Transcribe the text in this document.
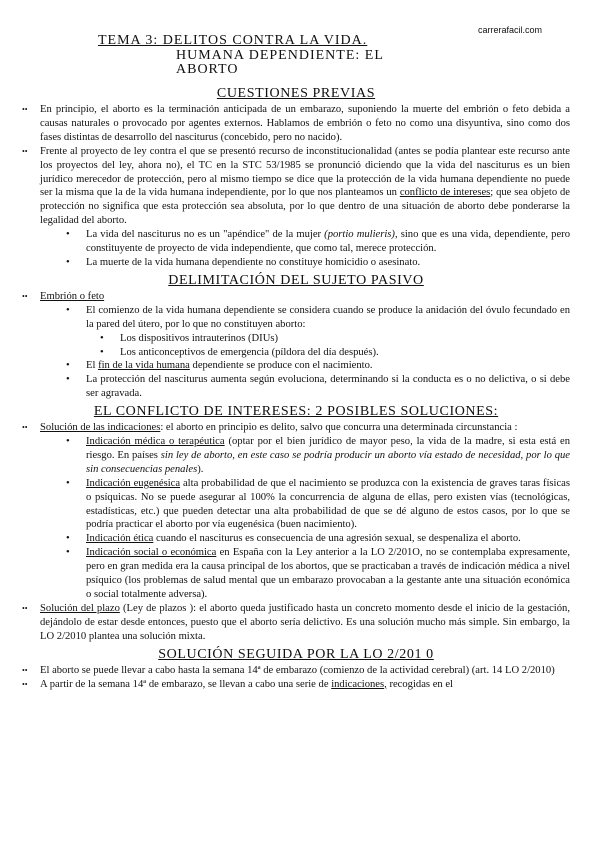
carrerafacil.com
TEMA 3: DELITOS CONTRA LA VIDA.
HUMANA DEPENDIENTE: EL
ABORTO
CUESTIONES PREVIAS
•• En principio, el aborto es la terminación anticipada de un embarazo, suponiendo la muerte del embrión o feto debida a causas naturales o provocado por agentes externos. Hablamos de embrión o feto no como una disyuntiva, sino como dos fases distintas de desarrollo del nasciturus (concebido, pero no nacido).
•• Frente al proyecto de ley contra el que se presentó recurso de inconstitucionalidad (antes se podía plantear este recurso ante los proyectos del ley, ahora no), el TC en la STC 53/1985 se pronunció diciendo que la vida del nasciturus es un bien jurídico merecedor de protección, pero al mismo tiempo se dice que la protección de la vida humana dependiente no puede ser la misma que la de la vida humana independiente, por lo que nos planteamos un conflicto de intereses; que sea objeto de protección no significa que esta protección sea absoluta, por lo que dentro de una situación de aborto debe ponderarse la legalidad del aborto.
• La vida del nasciturus no es un "apéndice" de la mujer (portio mulieris), sino que es una vida, dependiente, pero constituyente de proyecto de vida independiente, que como tal, merece protección.
• La muerte de la vida humana dependiente no constituye homicidio o asesinato.
DELIMITACIÓN DEL SUJETO PASIVO
•• Embrión o feto
• El comienzo de la vida humana dependiente se considera cuando se produce la anidación del óvulo fecundado en la pared del útero, por lo que no constituyen aborto:
• Los dispositivos intrauterinos (DIUs)
• Los anticonceptivos de emergencia (píldora del día después).
• El fin de la vida humana dependiente se produce con el nacimiento.
• La protección del nasciturus aumenta según evoluciona, determinando si la conducta es o no delictiva, o si debe ser agravada.
EL CONFLICTO DE INTERESES: 2 POSIBLES SOLUCIONES:
•• Solución de las indicaciones: el aborto en principio es delito, salvo que concurra una determinada circunstancia :
• Indicación médica o terapéutica (optar por el bien jurídico de mayor peso, la vida de la madre, si esta está en riesgo. En países sin ley de aborto, en este caso se podría producir un aborto vía estado de necesidad, por lo que sin consecuencias penales).
• Indicación eugenésica alta probabilidad de que el nacimiento se produzca con la existencia de graves taras físicas o psíquicas. No se puede asegurar al 100% la concurrencia de alguna de ellas, pero existen vías (tecnológicas, estadísticas, etc.) que pueden detectar una alta probabilidad de que se dé alguno de estos casos, por lo que se podría practicar el aborto por vía eugenésica (buen nacimiento).
• Indicación ética cuando el nasciturus es consecuencia de una agresión sexual, se despenaliza el aborto.
• Indicación social o económica en España con la Ley anterior a la LO 2/201O, no se contemplaba expresamente, pero en gran medida era la causa principal de los abortos, que se practicaban a través de indicación médica a nivel psíquico (los problemas de salud mental que un embarazo provocaban a la gestante ante una situación económica o social totalmente adversa).
•• Solución del plazo (Ley de plazos ): el aborto queda justificado hasta un concreto momento desde el inicio de la gestación, dejándolo de estar desde entonces, puesto que el aborto sería delictivo. Es una solución mucho más simple. Sin embargo, la LO 2/2010 plantea una solución mixta.
SOLUCIÓN SEGUIDA POR LA LO 2/201 0
•• El aborto se puede llevar a cabo hasta la semana 14ª de embarazo (comienzo de la actividad cerebral) (art. 14 LO 2/2010)
•• A partir de la semana 14ª de embarazo, se llevan a cabo una serie de indicaciones, recogidas en el
